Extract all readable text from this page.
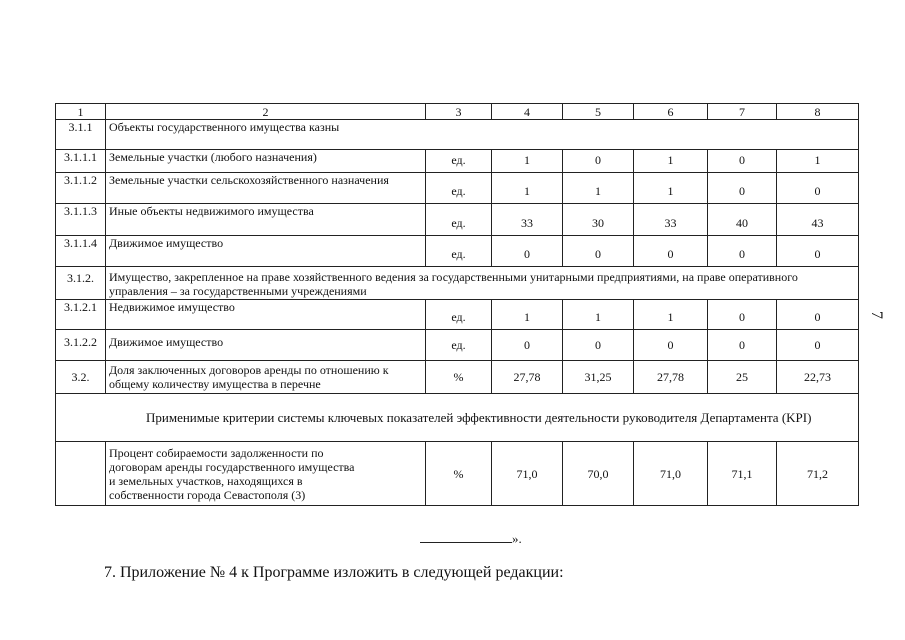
1	2	3	4	5	6	7	8
3.1.1	Объекты государственного имущества казны						
3.1.1.1	Земельные участки (любого назначения)	ед.	1	0	1	0	1
3.1.1.2	Земельные участки сельскохозяйственного назначения	ед.	1	1	1	0	0
3.1.1.3	Иные объекты недвижимого имущества	ед.	33	30	33	40	43
3.1.1.4	Движимое имущество	ед.	0	0	0	0	0
3.1.2.	Имущество, закрепленное на праве хозяйственного ведения за государственными унитарными предприятиями, на праве оперативного управления – за государственными учреждениями						
3.1.2.1	Недвижимое имущество	ед.	1	1	1	0	0
3.1.2.2	Движимое имущество	ед.	0	0	0	0	0
3.2.	Доля заключенных договоров аренды по отношению к общему количеству имущества в перечне	%	27,78	31,25	27,78	25	22,73
Применимые критерии системы ключевых показателей эффективности деятельности руководителя Департамента (KPI)							
	Процент собираемости задолженности по договорам аренды государственного имущества и земельных участков, находящихся в собственности города Севастополя (3)	%	71,0	70,0	71,0	71,1	71,2
».
7. Приложение № 4 к Программе изложить в следующей редакции:
7
